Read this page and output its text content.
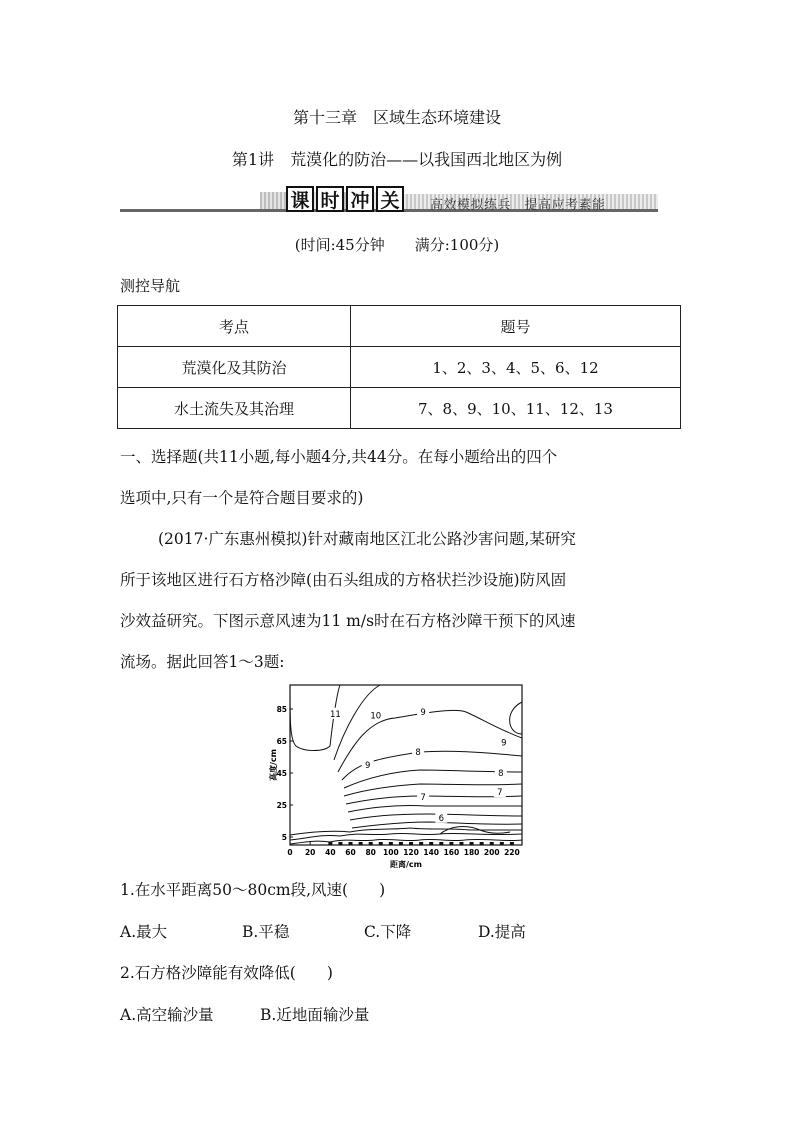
第十三章　区域生态环境建设
第1讲　荒漠化的防治——以我国西北地区为例
课 时 冲 关	高效模拟练兵　提高应考素能
(时间:45分钟　　满分:100分)
测控导航
考点	题号
荒漠化及其防治	1、2、3、4、5、6、12
水土流失及其治理	7、8、9、10、11、12、13
一、选择题(共11小题,每小题4分,共44分。在每小题给出的四个
选项中,只有一个是符合题目要求的)
(2017·广东惠州模拟)针对藏南地区江北公路沙害问题,某研究
所于该地区进行石方格沙障(由石头组成的方格状拦沙设施)防风固
沙效益研究。下图示意风速为11 m/s时在石方格沙障干预下的风速
流场。据此回答1～3题:
0 20 40 60 80 100 120 140 160 180 200 220
5
25
45
65
85
距离/cm
高度/cm
11	10	9
9
9
8
8
7	7
6
1.在水平距离50～80cm段,风速(　　)
A.最大	B.平稳	C.下降	D.提高
2.石方格沙障能有效降低(　　)
A.高空输沙量	B.近地面输沙量
